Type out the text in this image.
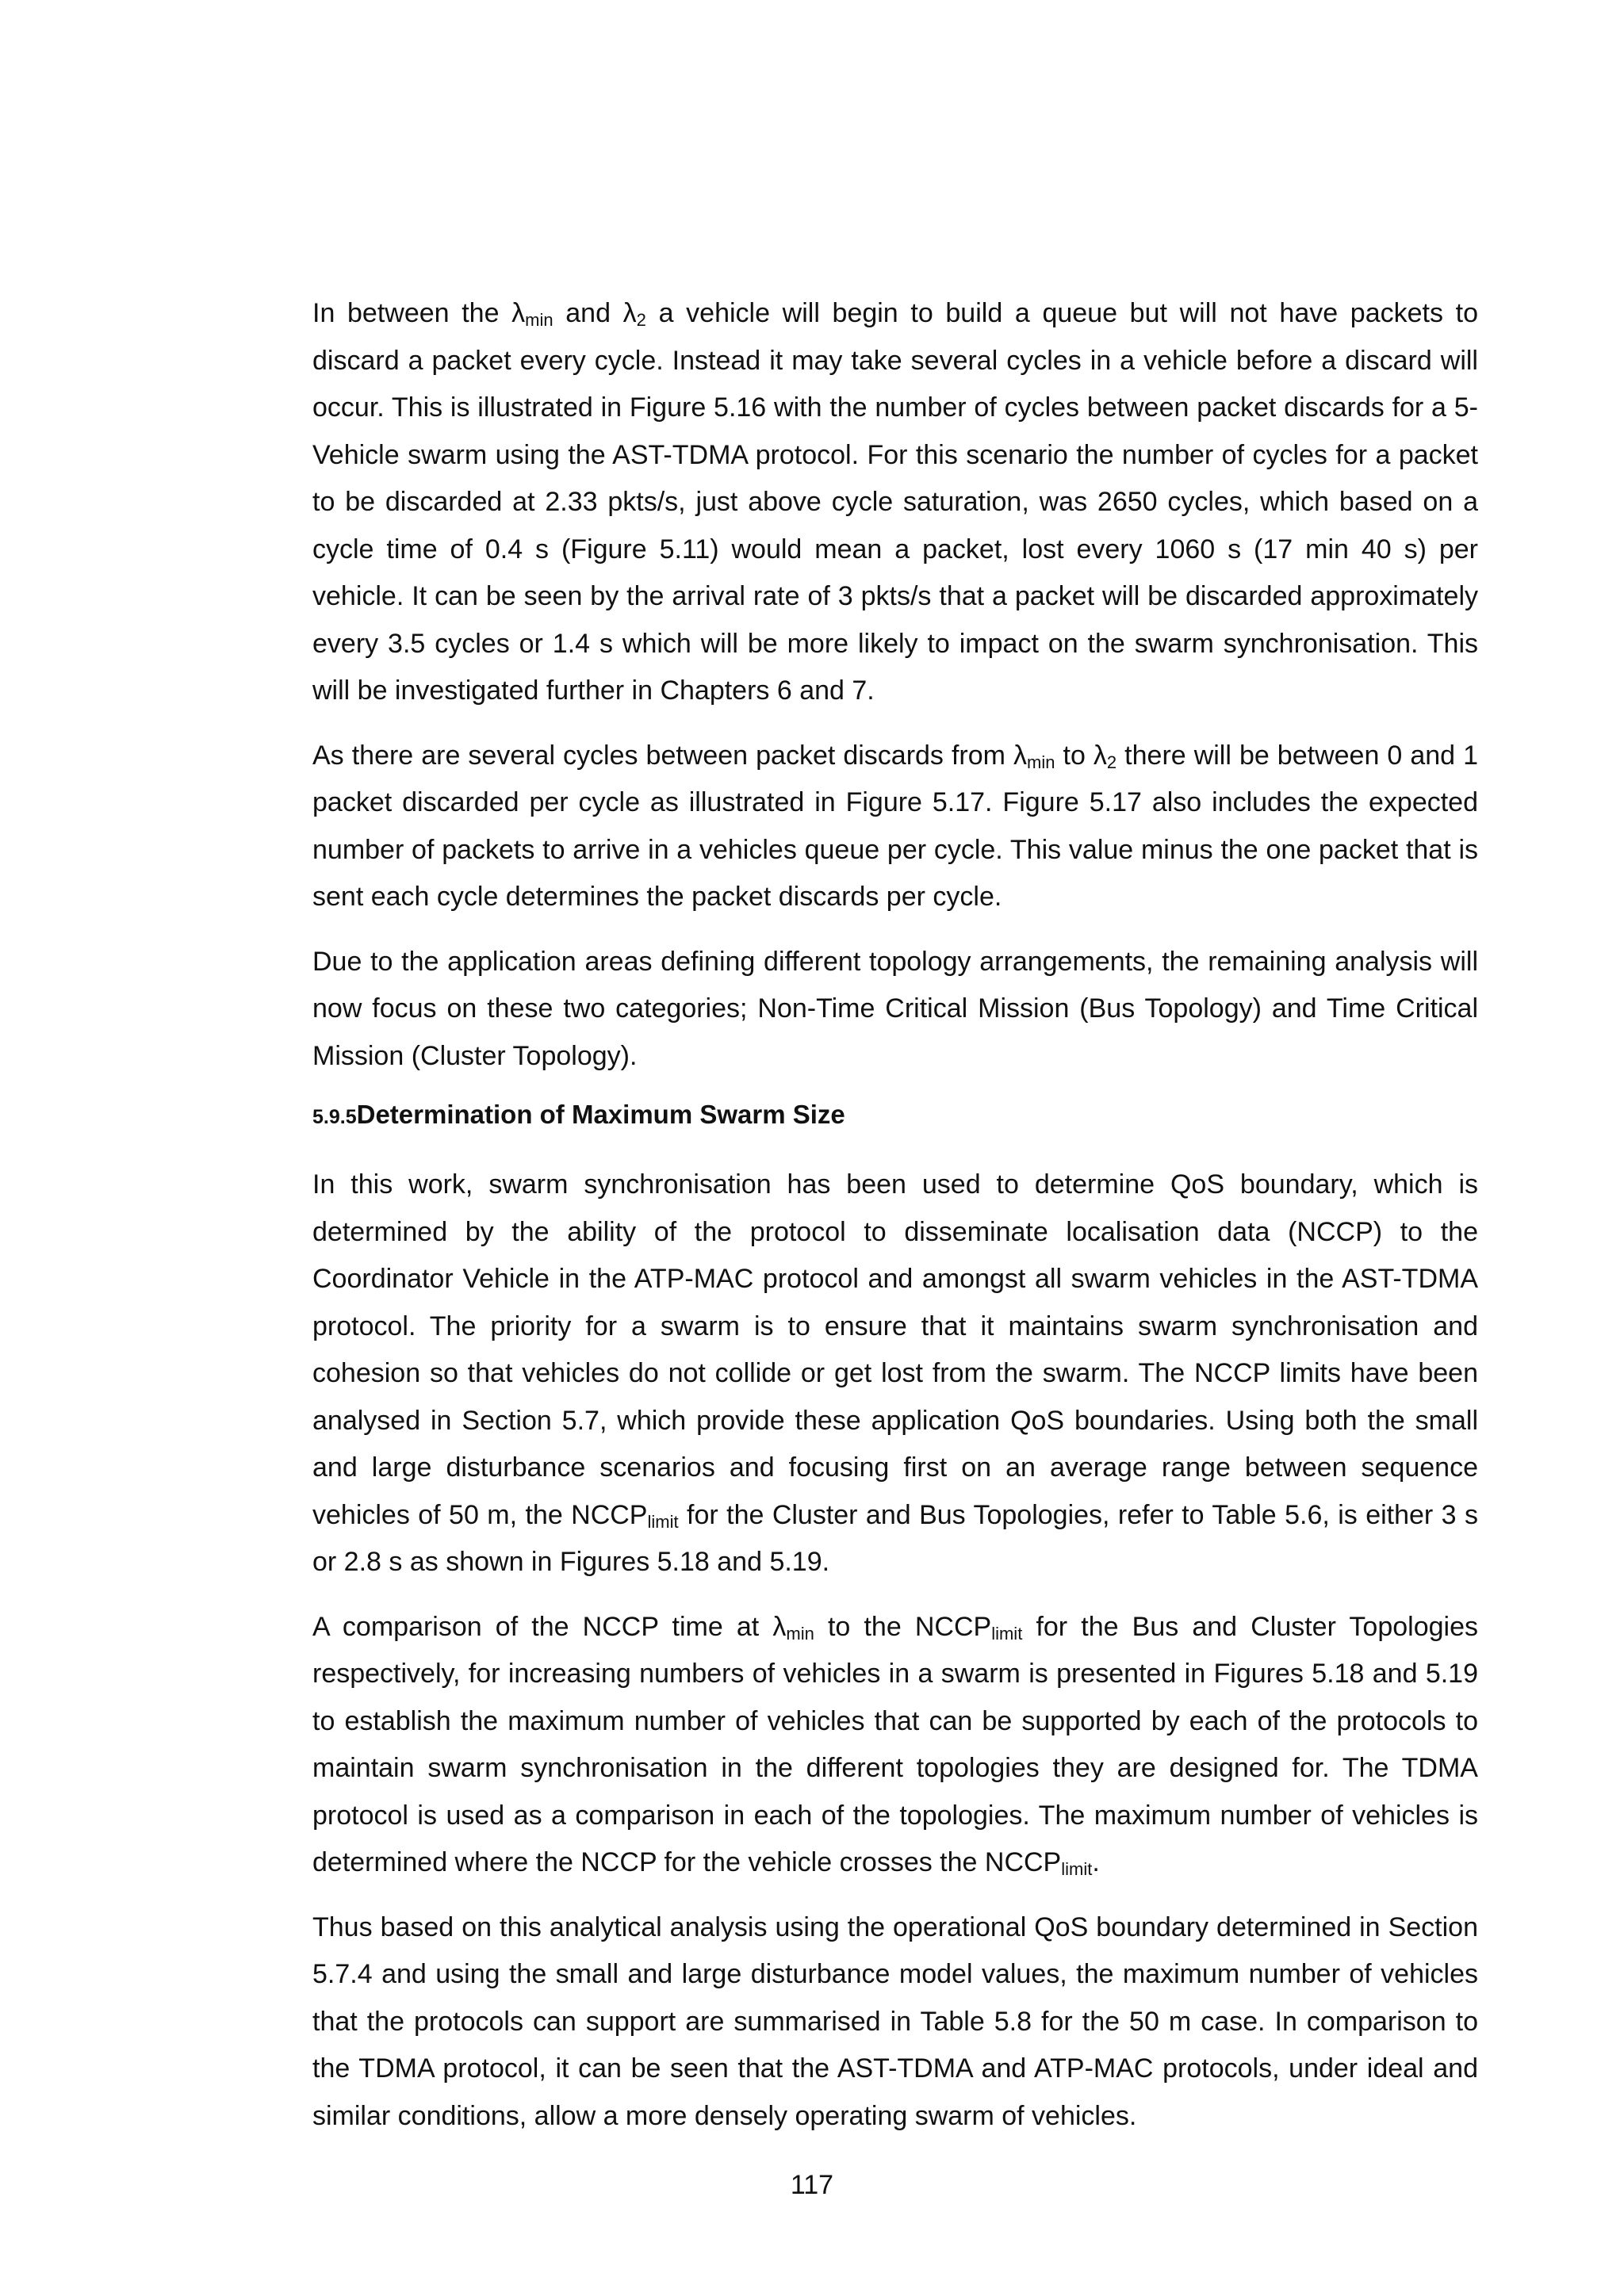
In between the $\lambda_{min}$ and $\lambda_2$ a vehicle will begin to build a queue but will not have packets to discard a packet every cycle. Instead it may take several cycles in a vehicle before a discard will occur. This is illustrated in Figure 5.16 with the number of cycles between packet discards for a 5-Vehicle swarm using the AST-TDMA protocol. For this scenario the number of cycles for a packet to be discarded at 2.33 pkts/s, just above cycle saturation, was 2650 cycles, which based on a cycle time of 0.4 s (Figure 5.11) would mean a packet, lost every 1060 s (17 min 40 s) per vehicle. It can be seen by the arrival rate of 3 pkts/s that a packet will be discarded approximately every 3.5 cycles or 1.4 s which will be more likely to impact on the swarm synchronisation. This will be investigated further in Chapters 6 and 7.

As there are several cycles between packet discards from $\lambda_{min}$ to $\lambda_2$ there will be between 0 and 1 packet discarded per cycle as illustrated in Figure 5.17. Figure 5.17 also includes the expected number of packets to arrive in a vehicles queue per cycle. This value minus the one packet that is sent each cycle determines the packet discards per cycle.

Due to the application areas defining different topology arrangements, the remaining analysis will now focus on these two categories; Non-Time Critical Mission (Bus Topology) and Time Critical Mission (Cluster Topology).

5.9.5Determination of Maximum Swarm Size

In this work, swarm synchronisation has been used to determine QoS boundary, which is determined by the ability of the protocol to disseminate localisation data (NCCP) to the Coordinator Vehicle in the ATP-MAC protocol and amongst all swarm vehicles in the AST-TDMA protocol. The priority for a swarm is to ensure that it maintains swarm synchronisation and cohesion so that vehicles do not collide or get lost from the swarm. The NCCP limits have been analysed in Section 5.7, which provide these application QoS boundaries. Using both the small and large disturbance scenarios and focusing first on an average range between sequence vehicles of 50 m, the $NCCP_{limit}$ for the Cluster and Bus Topologies, refer to Table 5.6, is either 3 s or 2.8 s as shown in Figures 5.18 and 5.19.

A comparison of the NCCP time at $\lambda_{min}$ to the $NCCP_{limit}$ for the Bus and Cluster Topologies respectively, for increasing numbers of vehicles in a swarm is presented in Figures 5.18 and 5.19 to establish the maximum number of vehicles that can be supported by each of the protocols to maintain swarm synchronisation in the different topologies they are designed for. The TDMA protocol is used as a comparison in each of the topologies. The maximum number of vehicles is determined where the NCCP for the vehicle crosses the $NCCP_{limit}$.

Thus based on this analytical analysis using the operational QoS boundary determined in Section 5.7.4 and using the small and large disturbance model values, the maximum number of vehicles that the protocols can support are summarised in Table 5.8 for the 50 m case. In comparison to the TDMA protocol, it can be seen that the AST-TDMA and ATP-MAC protocols, under ideal and similar conditions, allow a more densely operating swarm of vehicles.

117
